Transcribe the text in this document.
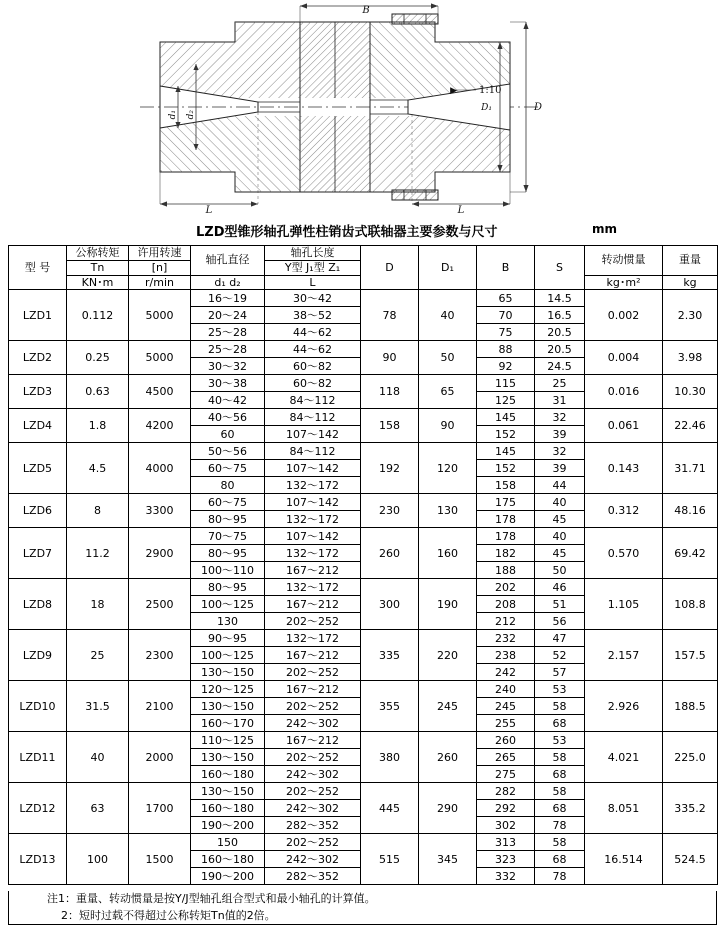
B
D
D₁
d₁ d₂
L	L
▶ 1:10
LZD型锥形轴孔弹性柱销齿式联轴器主要参数与尺寸	mm
型 号	公称转矩	许用转速	轴孔直径	轴孔长度	D	D₁	B	S	转动惯量	重量
	Tn	[n]		Y型 J₁型 Z₁						
	KN･m	r/min	d₁ d₂	L					kg･m²	kg
LZD1	0.112	5000	16～19	30～42	78	40	65	14.5	0.002	2.30
			20～24	38～52			70	16.5		
			25～28	44～62			75	20.5		
LZD2	0.25	5000	25～28	44～62	90	50	88	20.5	0.004	3.98
			30～32	60～82			92	24.5		
LZD3	0.63	4500	30～38	60～82	118	65	115	25	0.016	10.30
			40～42	84～112			125	31		
LZD4	1.8	4200	40～56	84～112	158	90	145	32	0.061	22.46
			60	107～142			152	39		
LZD5	4.5	4000	50～56	84～112	192	120	145	32	0.143	31.71
			60～75	107～142			152	39		
			80	132～172			158	44		
LZD6	8	3300	60～75	107～142	230	130	175	40	0.312	48.16
			80～95	132～172			178	45		
LZD7	11.2	2900	70～75	107～142	260	160	178	40	0.570	69.42
			80～95	132～172			182	45		
			100～110	167～212			188	50		
LZD8	18	2500	80～95	132～172	300	190	202	46	1.105	108.8
			100～125	167～212			208	51		
			130	202～252			212	56		
LZD9	25	2300	90～95	132～172	335	220	232	47	2.157	157.5
			100～125	167～212			238	52		
			130～150	202～252			242	57		
LZD10	31.5	2100	120～125	167～212	355	245	240	53	2.926	188.5
			130～150	202～252			245	58		
			160～170	242～302			255	68		
LZD11	40	2000	110～125	167～212	380	260	260	53	4.021	225.0
			130～150	202～252			265	58		
			160～180	242～302			275	68		
LZD12	63	1700	130～150	202～252	445	290	282	58	8.051	335.2
			160～180	242～302			292	68		
			190～200	282～352			302	78		
LZD13	100	1500	150	202～252	515	345	313	58	16.514	524.5
			160～180	242～302			323	68		
			190～200	282～352			332	78		
注1：重量、转动惯量是按Y/J型轴孔组合型式和最小轴孔的计算值。
2：短时过载不得超过公称转矩Tn值的2倍。
